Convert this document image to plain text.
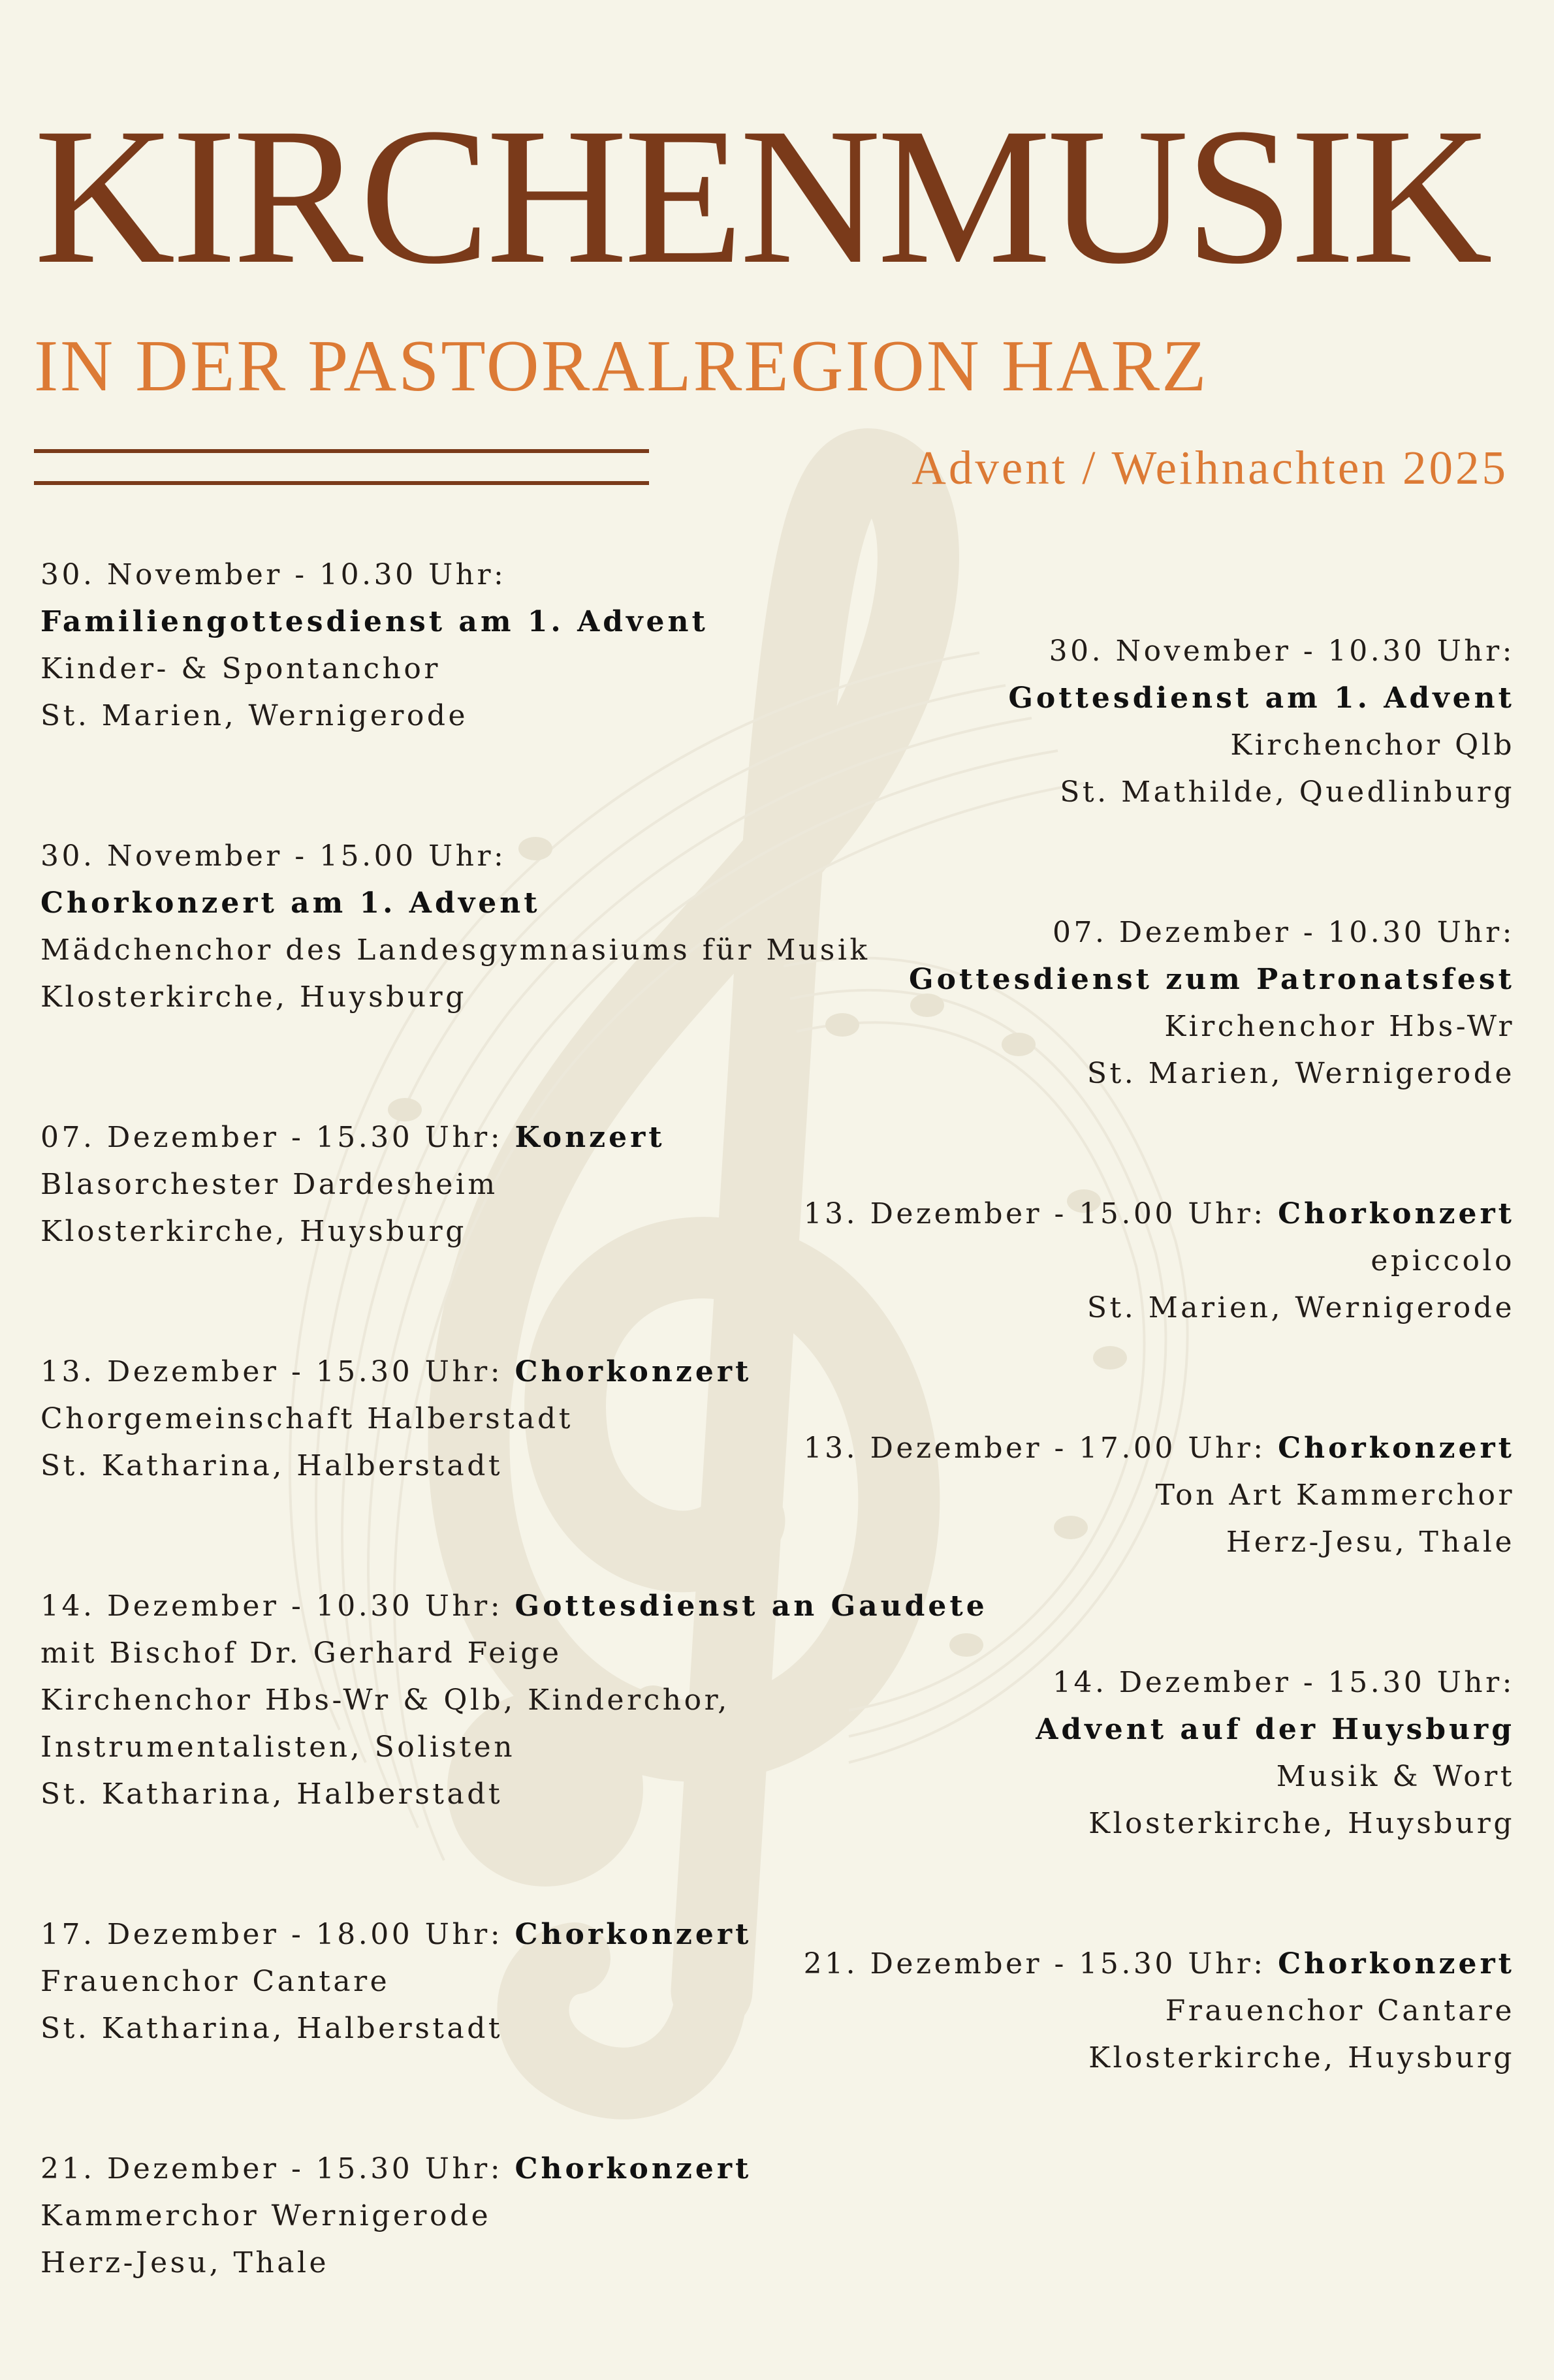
KIRCHENMUSIK
IN DER PASTORALREGION HARZ
Advent / Weihnachten 2025
30. November - 10.30 Uhr:
Familiengottesdienst am 1. Advent
Kinder- & Spontanchor
St. Marien, Wernigerode
30. November - 15.00 Uhr:
Chorkonzert am 1. Advent
Mädchenchor des Landesgymnasiums für Musik
Klosterkirche, Huysburg
07. Dezember - 15.30 Uhr: Konzert
Blasorchester Dardesheim
Klosterkirche, Huysburg
13. Dezember - 15.30 Uhr: Chorkonzert
Chorgemeinschaft Halberstadt
St. Katharina, Halberstadt
14. Dezember - 10.30 Uhr: Gottesdienst an Gaudete
mit Bischof Dr. Gerhard Feige
Kirchenchor Hbs-Wr & Qlb, Kinderchor,
Instrumentalisten, Solisten
St. Katharina, Halberstadt
17. Dezember - 18.00 Uhr: Chorkonzert
Frauenchor Cantare
St. Katharina, Halberstadt
21. Dezember - 15.30 Uhr: Chorkonzert
Kammerchor Wernigerode
Herz-Jesu, Thale
30. November - 10.30 Uhr:
Gottesdienst am 1. Advent
Kirchenchor Qlb
St. Mathilde, Quedlinburg
07. Dezember - 10.30 Uhr:
Gottesdienst zum Patronatsfest
Kirchenchor Hbs-Wr
St. Marien, Wernigerode
13. Dezember - 15.00 Uhr: Chorkonzert
epiccolo
St. Marien, Wernigerode
13. Dezember - 17.00 Uhr: Chorkonzert
Ton Art Kammerchor
Herz-Jesu, Thale
14. Dezember - 15.30 Uhr:
Advent auf der Huysburg
Musik & Wort
Klosterkirche, Huysburg
21. Dezember - 15.30 Uhr: Chorkonzert
Frauenchor Cantare
Klosterkirche, Huysburg
